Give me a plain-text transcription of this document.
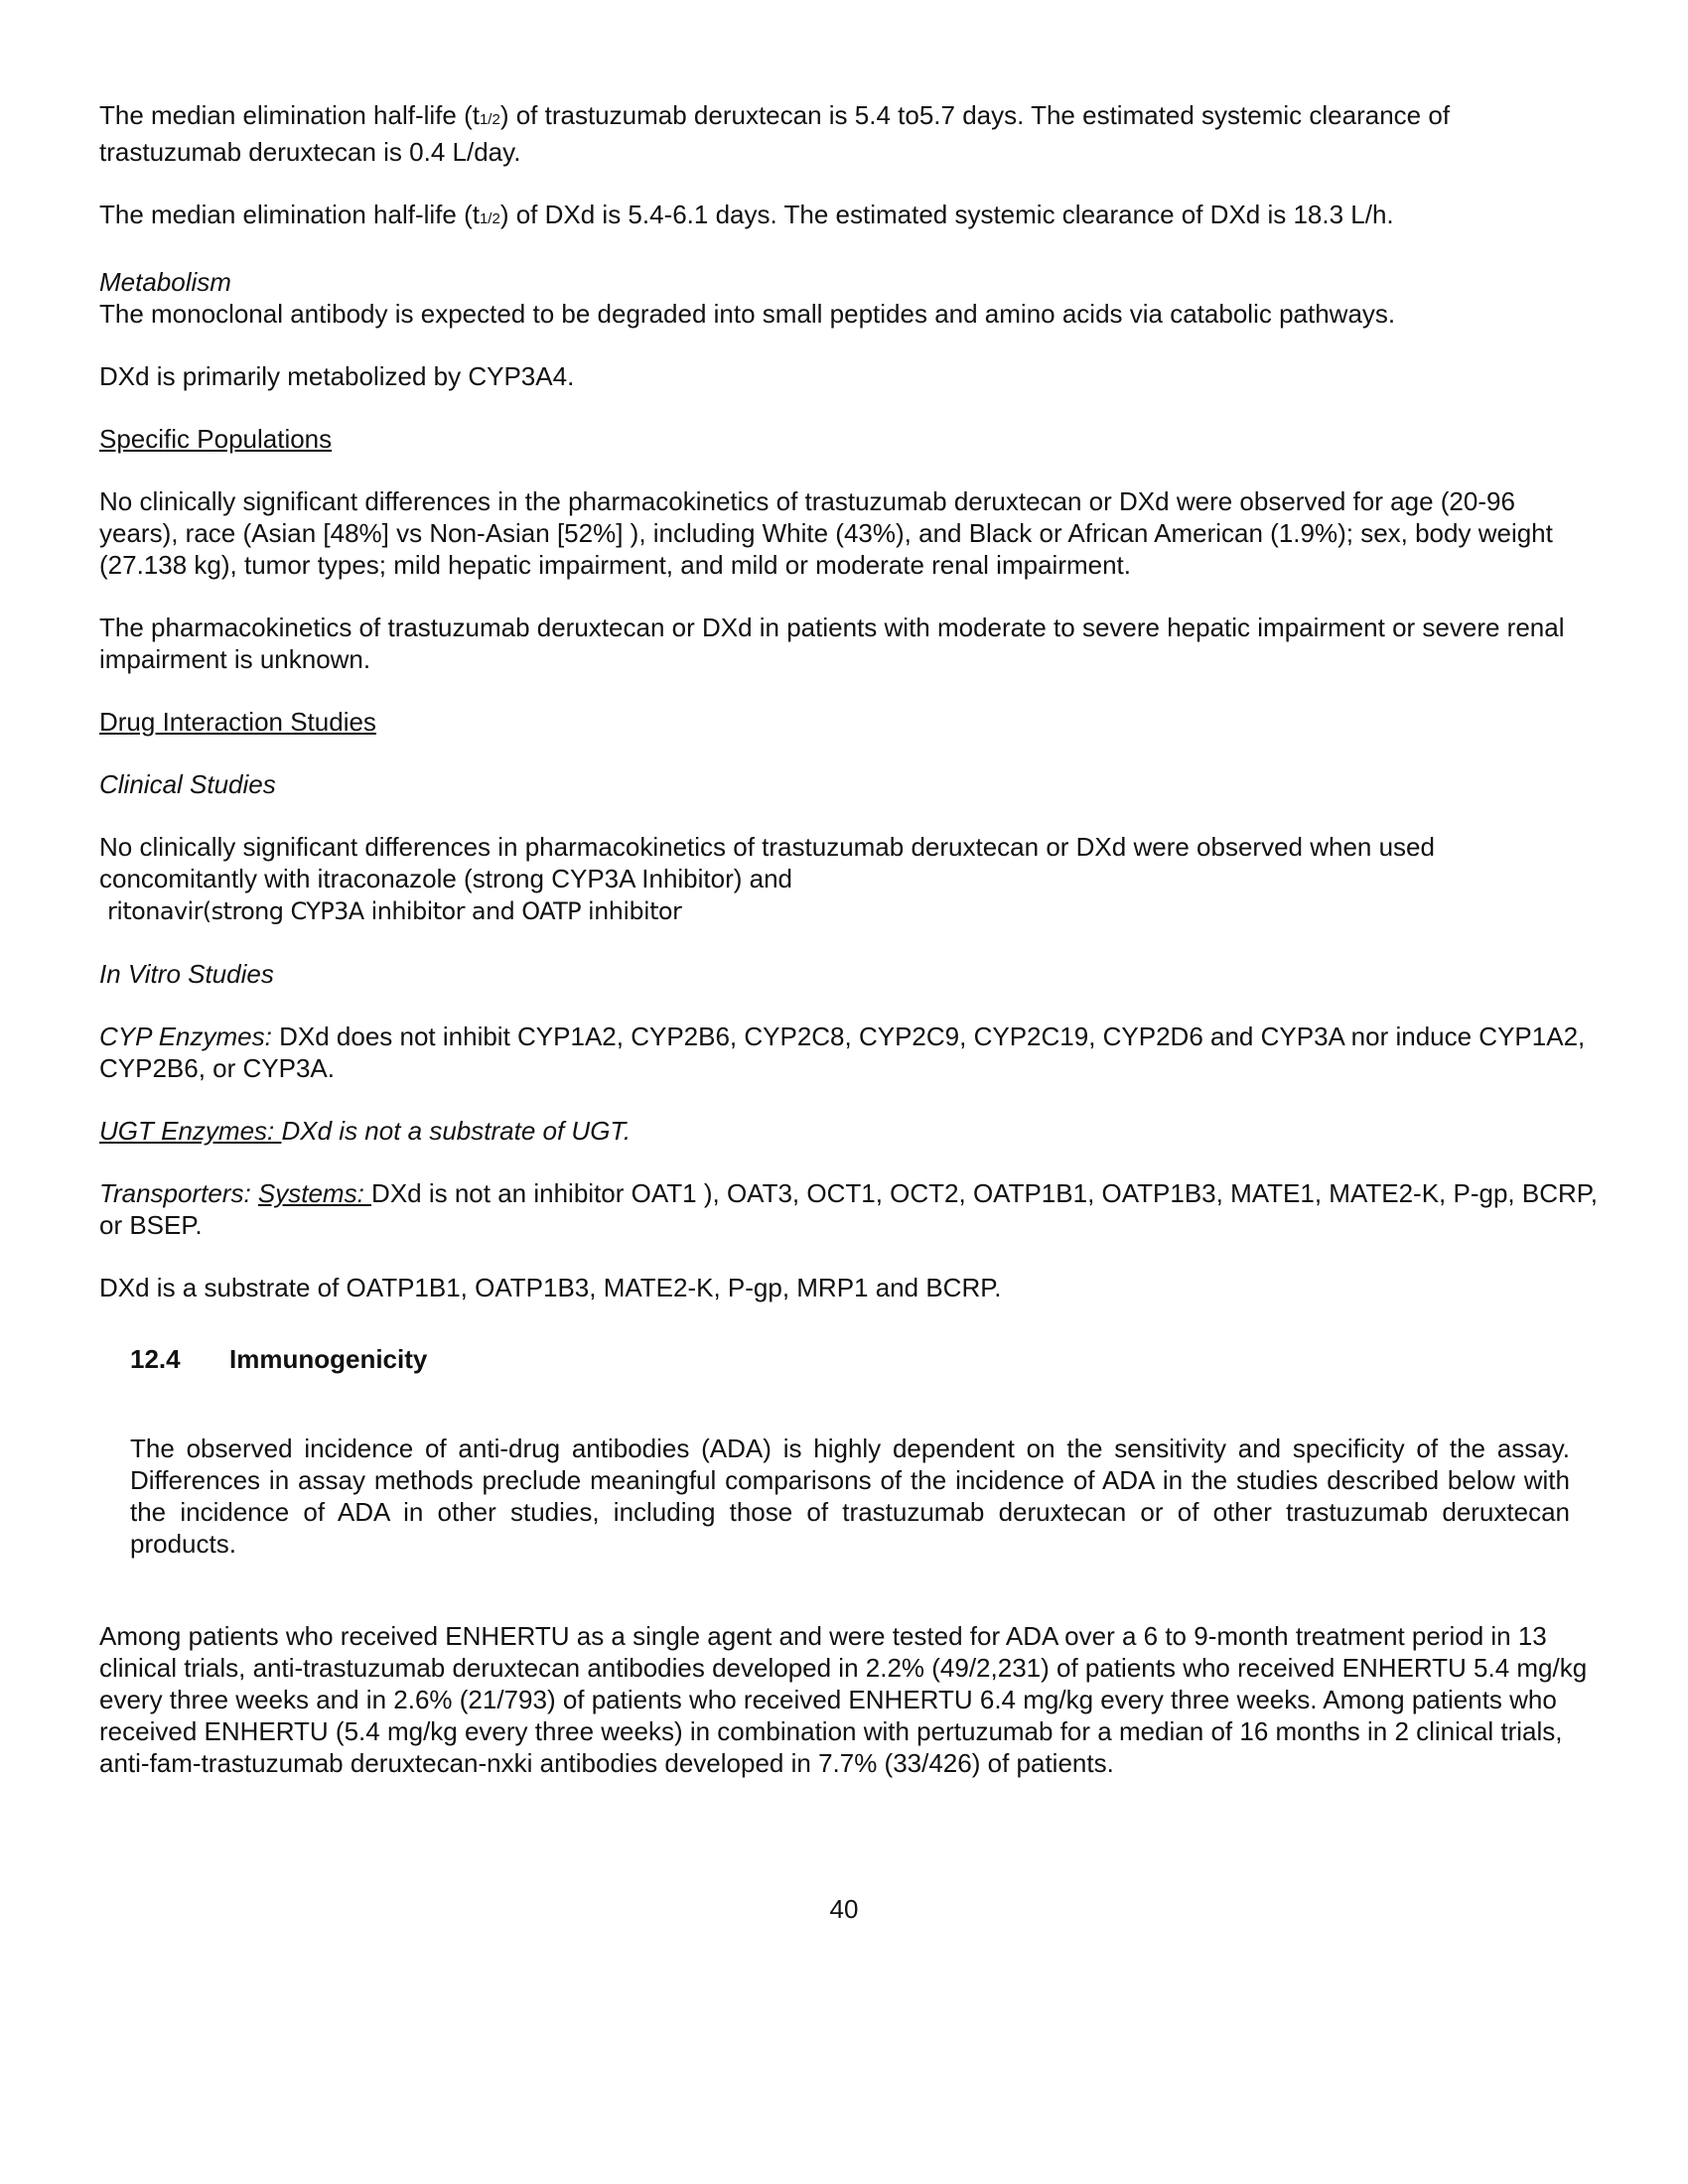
The median elimination half-life (t1/2) of trastuzumab deruxtecan is 5.4 to5.7 days. The estimated systemic clearance of trastuzumab deruxtecan is 0.4 L/day.

The median elimination half-life (t1/2) of DXd is 5.4-6.1 days. The estimated systemic clearance of DXd is 18.3 L/h.

Metabolism
The monoclonal antibody is expected to be degraded into small peptides and amino acids via catabolic pathways.

DXd is primarily metabolized by CYP3A4.

Specific Populations

No clinically significant differences in the pharmacokinetics of trastuzumab deruxtecan or DXd were observed for age (20-96 years), race (Asian [48%] vs Non-Asian [52%] ), including White (43%), and Black or African American (1.9%); sex, body weight (27.138 kg), tumor types; mild hepatic impairment, and mild or moderate renal impairment.

The pharmacokinetics of trastuzumab deruxtecan or DXd in patients with moderate to severe hepatic impairment or severe renal impairment is unknown.

Drug Interaction Studies

Clinical Studies

No clinically significant differences in pharmacokinetics of trastuzumab deruxtecan or DXd were observed when used concomitantly with itraconazole (strong CYP3A Inhibitor) and
ritonavir(strong CYP3A inhibitor and OATP inhibitor

In Vitro Studies

CYP Enzymes: DXd does not inhibit CYP1A2, CYP2B6, CYP2C8, CYP2C9, CYP2C19, CYP2D6 and CYP3A nor induce CYP1A2, CYP2B6, or CYP3A.

UGT Enzymes: DXd is not a substrate of UGT.

Transporters: Systems: DXd is not an inhibitor OAT1 ), OAT3, OCT1, OCT2, OATP1B1, OATP1B3, MATE1, MATE2-K, P-gp, BCRP, or BSEP.

DXd is a substrate of OATP1B1, OATP1B3, MATE2-K, P-gp, MRP1 and BCRP.

12.4 Immunogenicity

The observed incidence of anti-drug antibodies (ADA) is highly dependent on the sensitivity and specificity of the assay. Differences in assay methods preclude meaningful comparisons of the incidence of ADA in the studies described below with the incidence of ADA in other studies, including those of trastuzumab deruxtecan or of other trastuzumab deruxtecan products.

Among patients who received ENHERTU as a single agent and were tested for ADA over a 6 to 9-month treatment period in 13 clinical trials, anti-trastuzumab deruxtecan antibodies developed in 2.2% (49/2,231) of patients who received ENHERTU 5.4 mg/kg every three weeks and in 2.6% (21/793) of patients who received ENHERTU 6.4 mg/kg every three weeks. Among patients who received ENHERTU (5.4 mg/kg every three weeks) in combination with pertuzumab for a median of 16 months in 2 clinical trials, anti-fam-trastuzumab deruxtecan-nxki antibodies developed in 7.7% (33/426) of patients.

40
